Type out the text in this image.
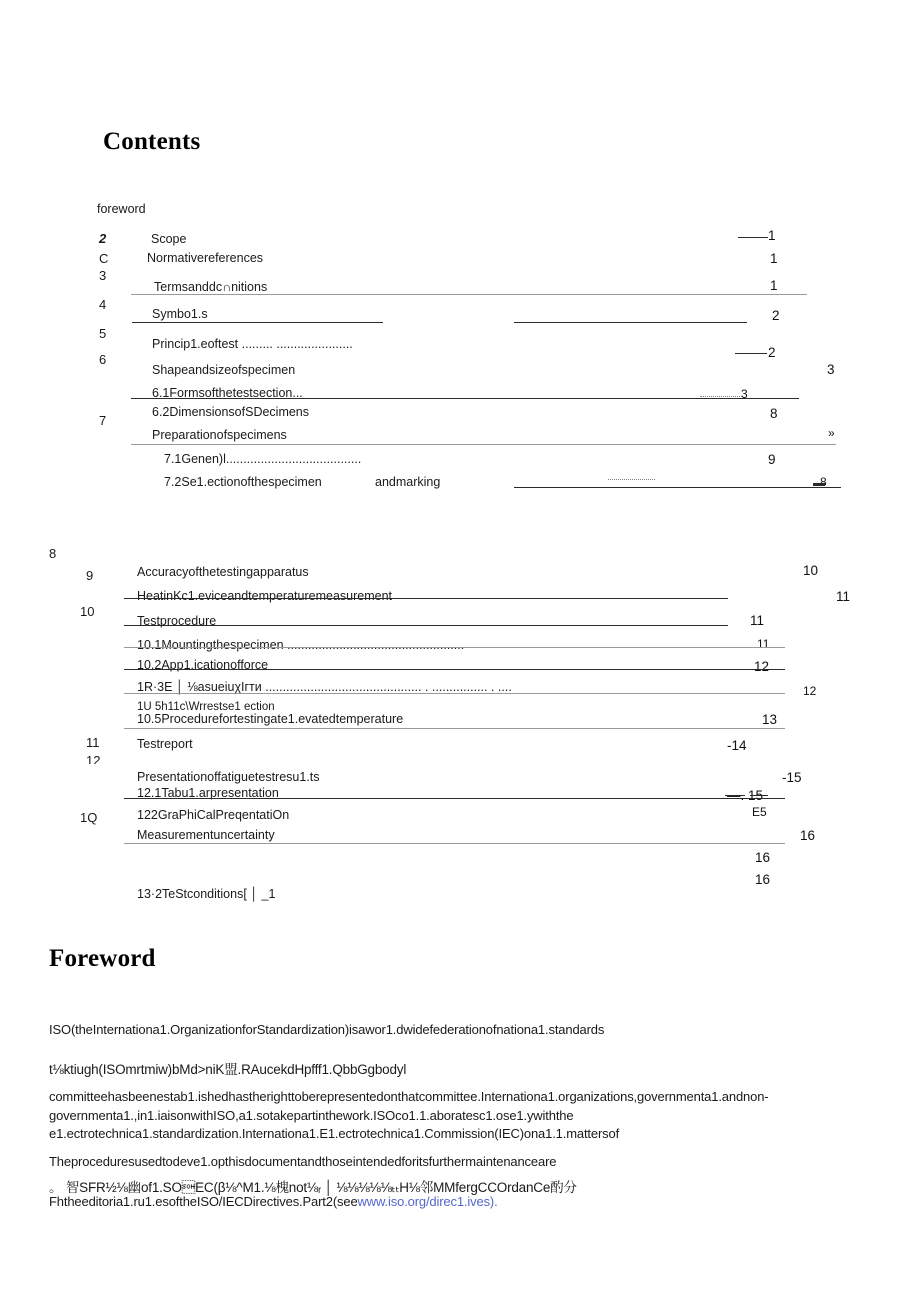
Contents
foreword
2
C
3
4
5
6
7
8
9
10
11
12
1Q
Scope
Normativereferences
Termsanddc∩nitions
Symbo1.s
Princip1.eoftest ......... ......................
Shapeandsizeofspecimen
6.1Formsofthetestsection...
6.2DimensionsofSDecimens
Preparationofspecimens
7.1Genen)l.......................................
7.2Se1.ectionofthespecimen	andmarking
Accuracyofthetestingapparatus
HeatinKc1.eviceandtemperaturemeasurement
Testprocedure
10.1Mountingthespecimen ...................................................
10.2App1.icationofforce
1R·3E │ ⅛asueiuχIгти ............................................. . ................ . ....
1U 5h11c\Wrrestse1 ection
10.5Procedurefortestingate1.evatedtemperature
Testreport
Presentationoffatiguetestresu1.ts
12.1Tabu1.arpresentation
122GraPhiCalPreqentatiOn
Measurementuncertainty
13·2TeStconditions[ │ _1
1
1
1
2
2
3
3
8
»
9
8
10
11
11
11
12
12
13
-14
-15
—. 15
Е5
16
16
16
Foreword
ISO(theInternationa1.OrganizationforStandardization)isawor1.dwidefederationofnationa1.standards
t⅛ktiugh(ISOmrtmiw)bMd>niK盟.RAucekdHpfff1.QbbGgbodyl
committeehasbeenestab1.ishedhastherighttoberepresentedonthatcommittee.Internationa1.organizations,governmenta1.andnon-
governmenta1.,in1.iaisonwithISO,a1.sotakepartinthework.ISOco1.1.aboratesc1.ose1.ywiththe
e1.ectrotechnica1.standardization.Internationa1.E1.ectrotechnica1.Commission(IEC)ona1.1.mattersof
Theproceduresusedtodeve1.opthisdocumentandthoseintendedforitsfurthermaintenanceare
。 智SFR½⅛幽of1.SOEC(β⅛^M1.⅛槐not⅛ᵣ │ ⅛⅛⅛⅛⅛ₜₜH⅛邻MMfergCCOrdanCe酌分
Fhtheeditoria1.ru1.esoftheISO/IECDirectives.Part2(seewww.iso.org/direc1.ives).
